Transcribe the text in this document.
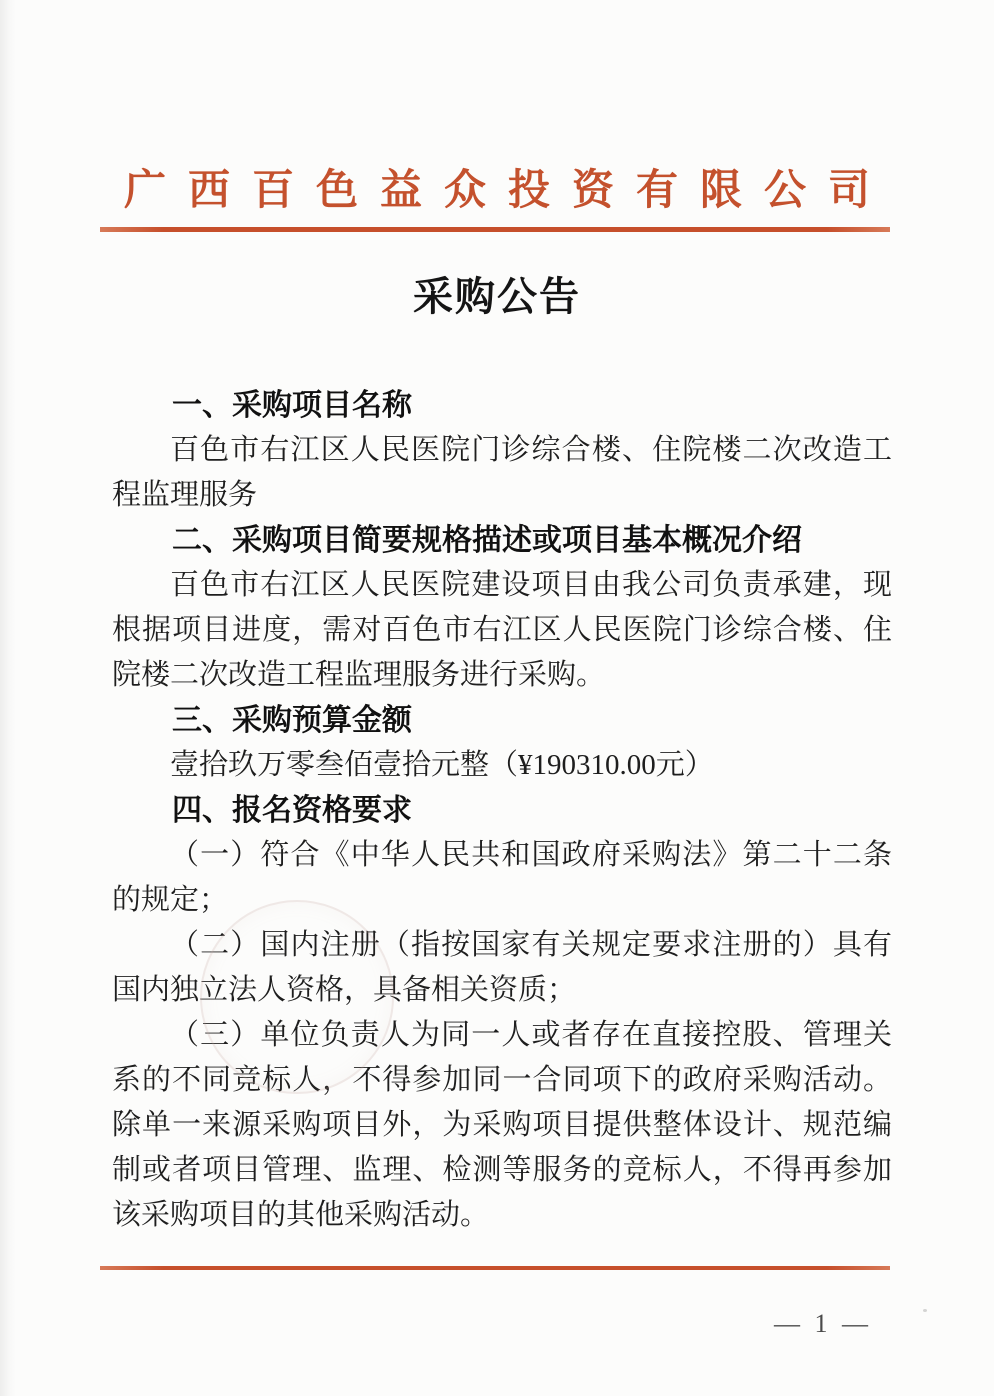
广西百色益众投资有限公司
采购公告
一、采购项目名称

百色市右江区人民医院门诊综合楼、住院楼二次改造工程监理服务

二、采购项目简要规格描述或项目基本概况介绍

百色市右江区人民医院建设项目由我公司负责承建，现根据项目进度，需对百色市右江区人民医院门诊综合楼、住院楼二次改造工程监理服务进行采购。

三、采购预算金额

壹拾玖万零叁佰壹拾元整（¥190310.00元）

四、报名资格要求

（一）符合《中华人民共和国政府采购法》第二十二条的规定；

（二）国内注册（指按国家有关规定要求注册的）具有国内独立法人资格，具备相关资质；

（三）单位负责人为同一人或者存在直接控股、管理关系的不同竞标人，不得参加同一合同项下的政府采购活动。除单一来源采购项目外，为采购项目提供整体设计、规范编制或者项目管理、监理、检测等服务的竞标人，不得再参加该采购项目的其他采购活动。

— 1 —
